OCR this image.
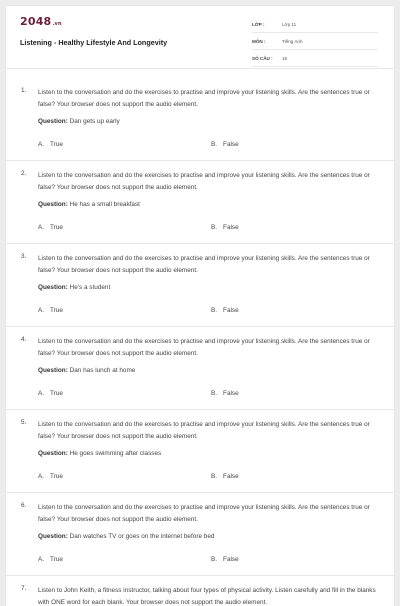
2048.vn
Listening - Healthy Lifestyle And Longevity
LỚP :	Lớp 11
MÔN :	Tiếng Anh
SỐ CÂU :	16
1. Listen to the conversation and do the exercises to practise and improve your listening skills. Are the sentences true or false? Your browser does not support the audio element.
Question: Dan gets up early
A. True	B. False
2. Listen to the conversation and do the exercises to practise and improve your listening skills. Are the sentences true or false? Your browser does not support the audio element.
Question: He has a small breakfast
A. True	B. False
3. Listen to the conversation and do the exercises to practise and improve your listening skills. Are the sentences true or false? Your browser does not support the audio element.
Question: He's a student
A. True	B. False
4. Listen to the conversation and do the exercises to practise and improve your listening skills. Are the sentences true or false? Your browser does not support the audio element.
Question: Dan has lunch at home
A. True	B. False
5. Listen to the conversation and do the exercises to practise and improve your listening skills. Are the sentences true or false? Your browser does not support the audio element.
Question: He goes swimming after classes
A. True	B. False
6. Listen to the conversation and do the exercises to practise and improve your listening skills. Are the sentences true or false? Your browser does not support the audio element.
Question: Dan watches TV or goes on the internet before bed
A. True	B. False
7. Listen to John Keith, a fitness instructor, talking about four types of physical activity. Listen carefully and fill in the blanks with ONE word for each blank. Your browser does not support the audio element.
